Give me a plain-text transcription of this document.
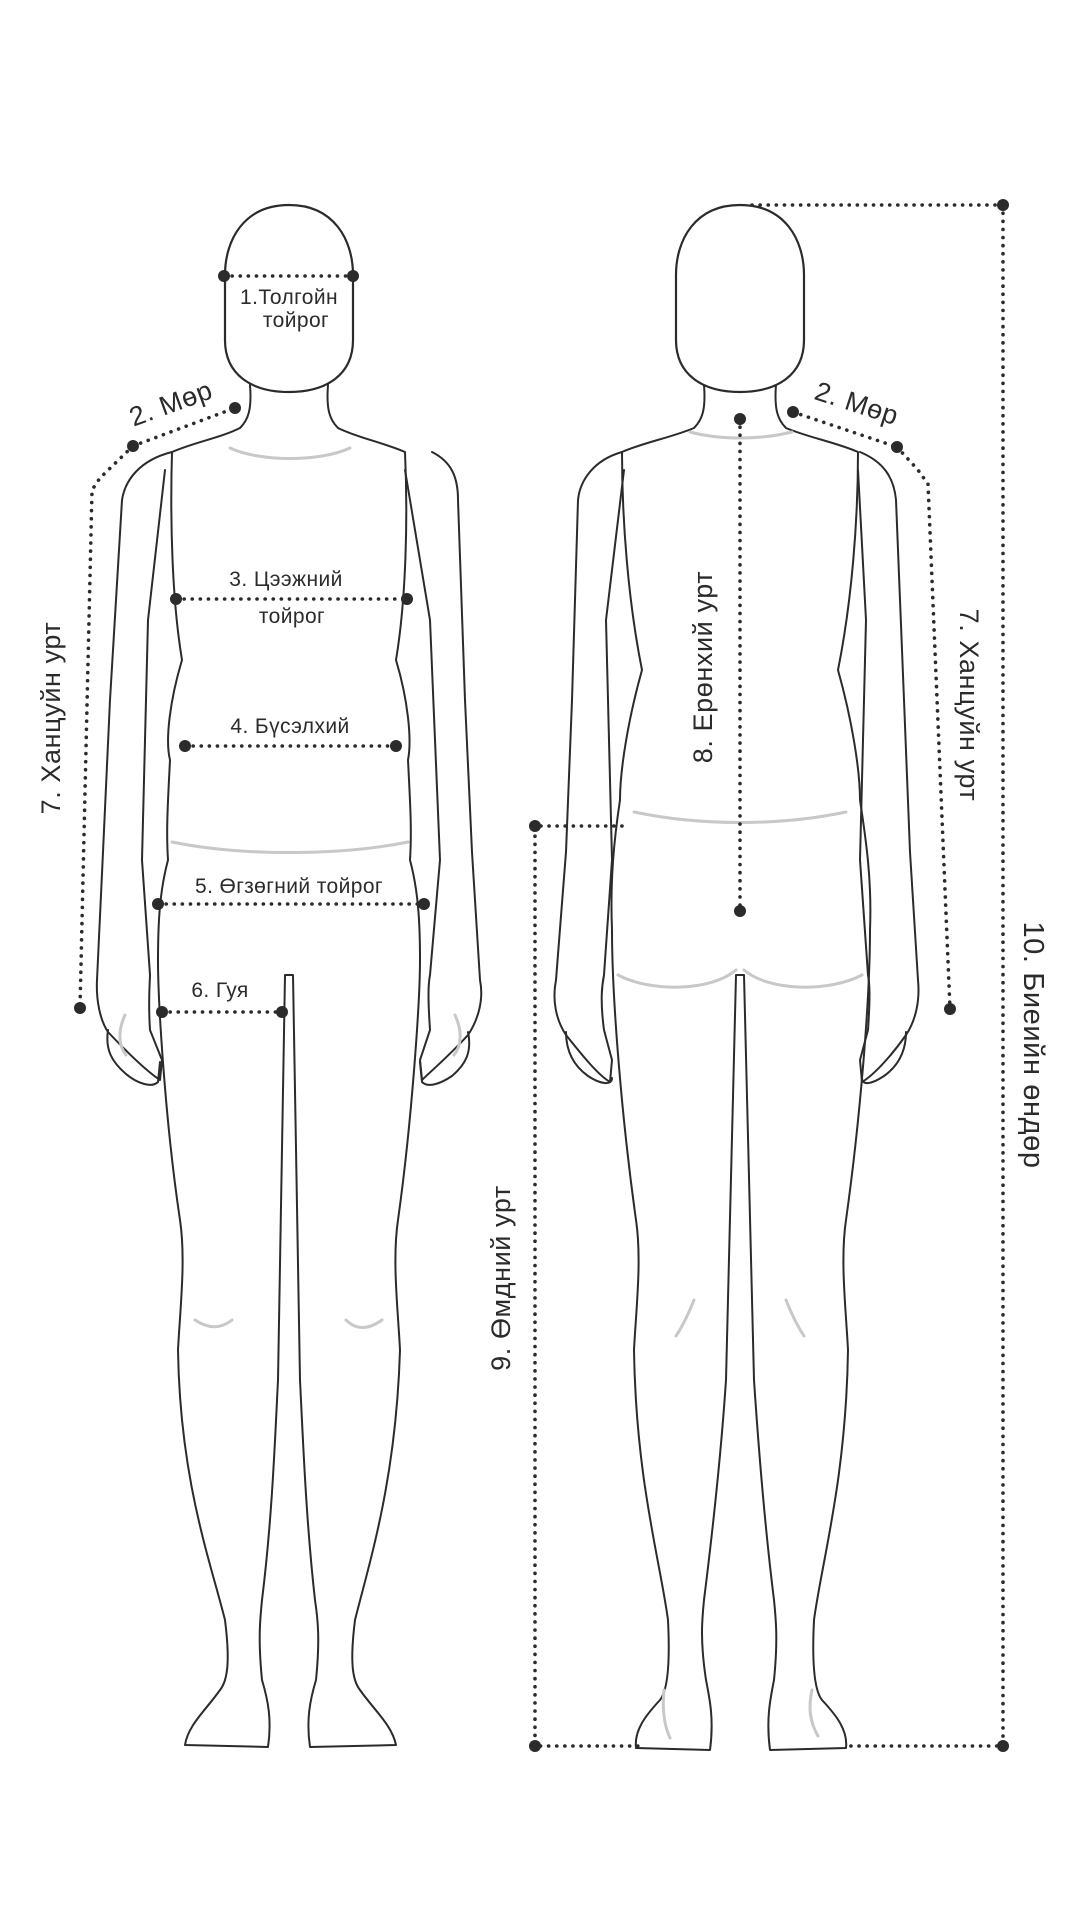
1.Толгойн
тойрог
2. Мөр	2. Мөр
3. Цээжний
тойрог
4. Бүсэлхий
5. Өгзөгний тойрог
6. Гуя
7. Ханцуйн урт	7. Ханцуйн урт
8. Ерөнхий урт
9. Өмдний урт
10. Биеийн өндөр
